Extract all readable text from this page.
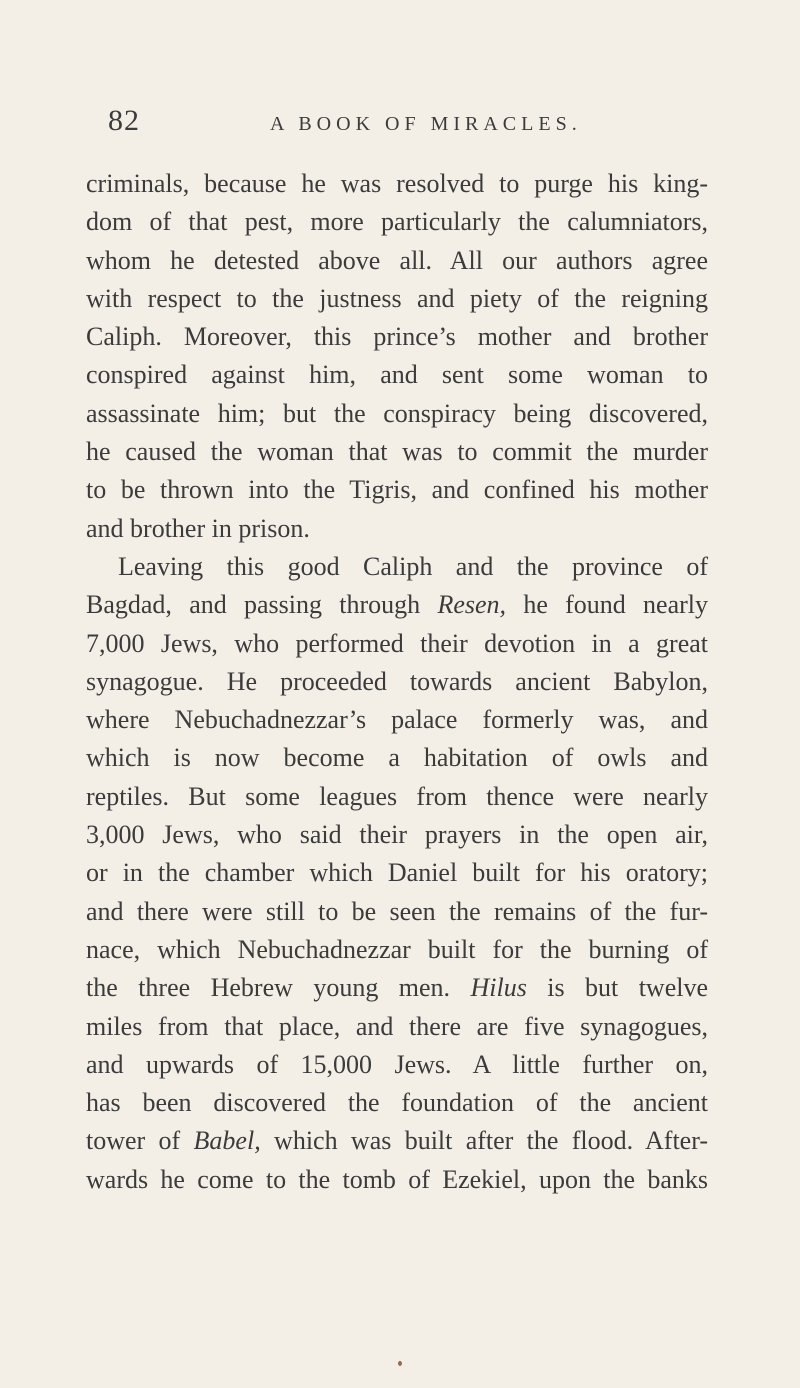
82	A BOOK OF MIRACLES.
criminals, because he was resolved to purge his king-
dom of that pest, more particularly the calumniators,
whom he detested above all. All our authors agree
with respect to the justness and piety of the reigning
Caliph. Moreover, this prince’s mother and brother
conspired against him, and sent some woman to
assassinate him; but the conspiracy being discovered,
he caused the woman that was to commit the murder
to be thrown into the Tigris, and confined his mother
and brother in prison.
Leaving this good Caliph and the province of
Bagdad, and passing through Resen, he found nearly
7,000 Jews, who performed their devotion in a great
synagogue. He proceeded towards ancient Babylon,
where Nebuchadnezzar’s palace formerly was, and
which is now become a habitation of owls and
reptiles. But some leagues from thence were nearly
3,000 Jews, who said their prayers in the open air,
or in the chamber which Daniel built for his oratory;
and there were still to be seen the remains of the fur-
nace, which Nebuchadnezzar built for the burning of
the three Hebrew young men. Hilus is but twelve
miles from that place, and there are five synagogues,
and upwards of 15,000 Jews. A little further on,
has been discovered the foundation of the ancient
tower of Babel, which was built after the flood. After-
wards he come to the tomb of Ezekiel, upon the banks
